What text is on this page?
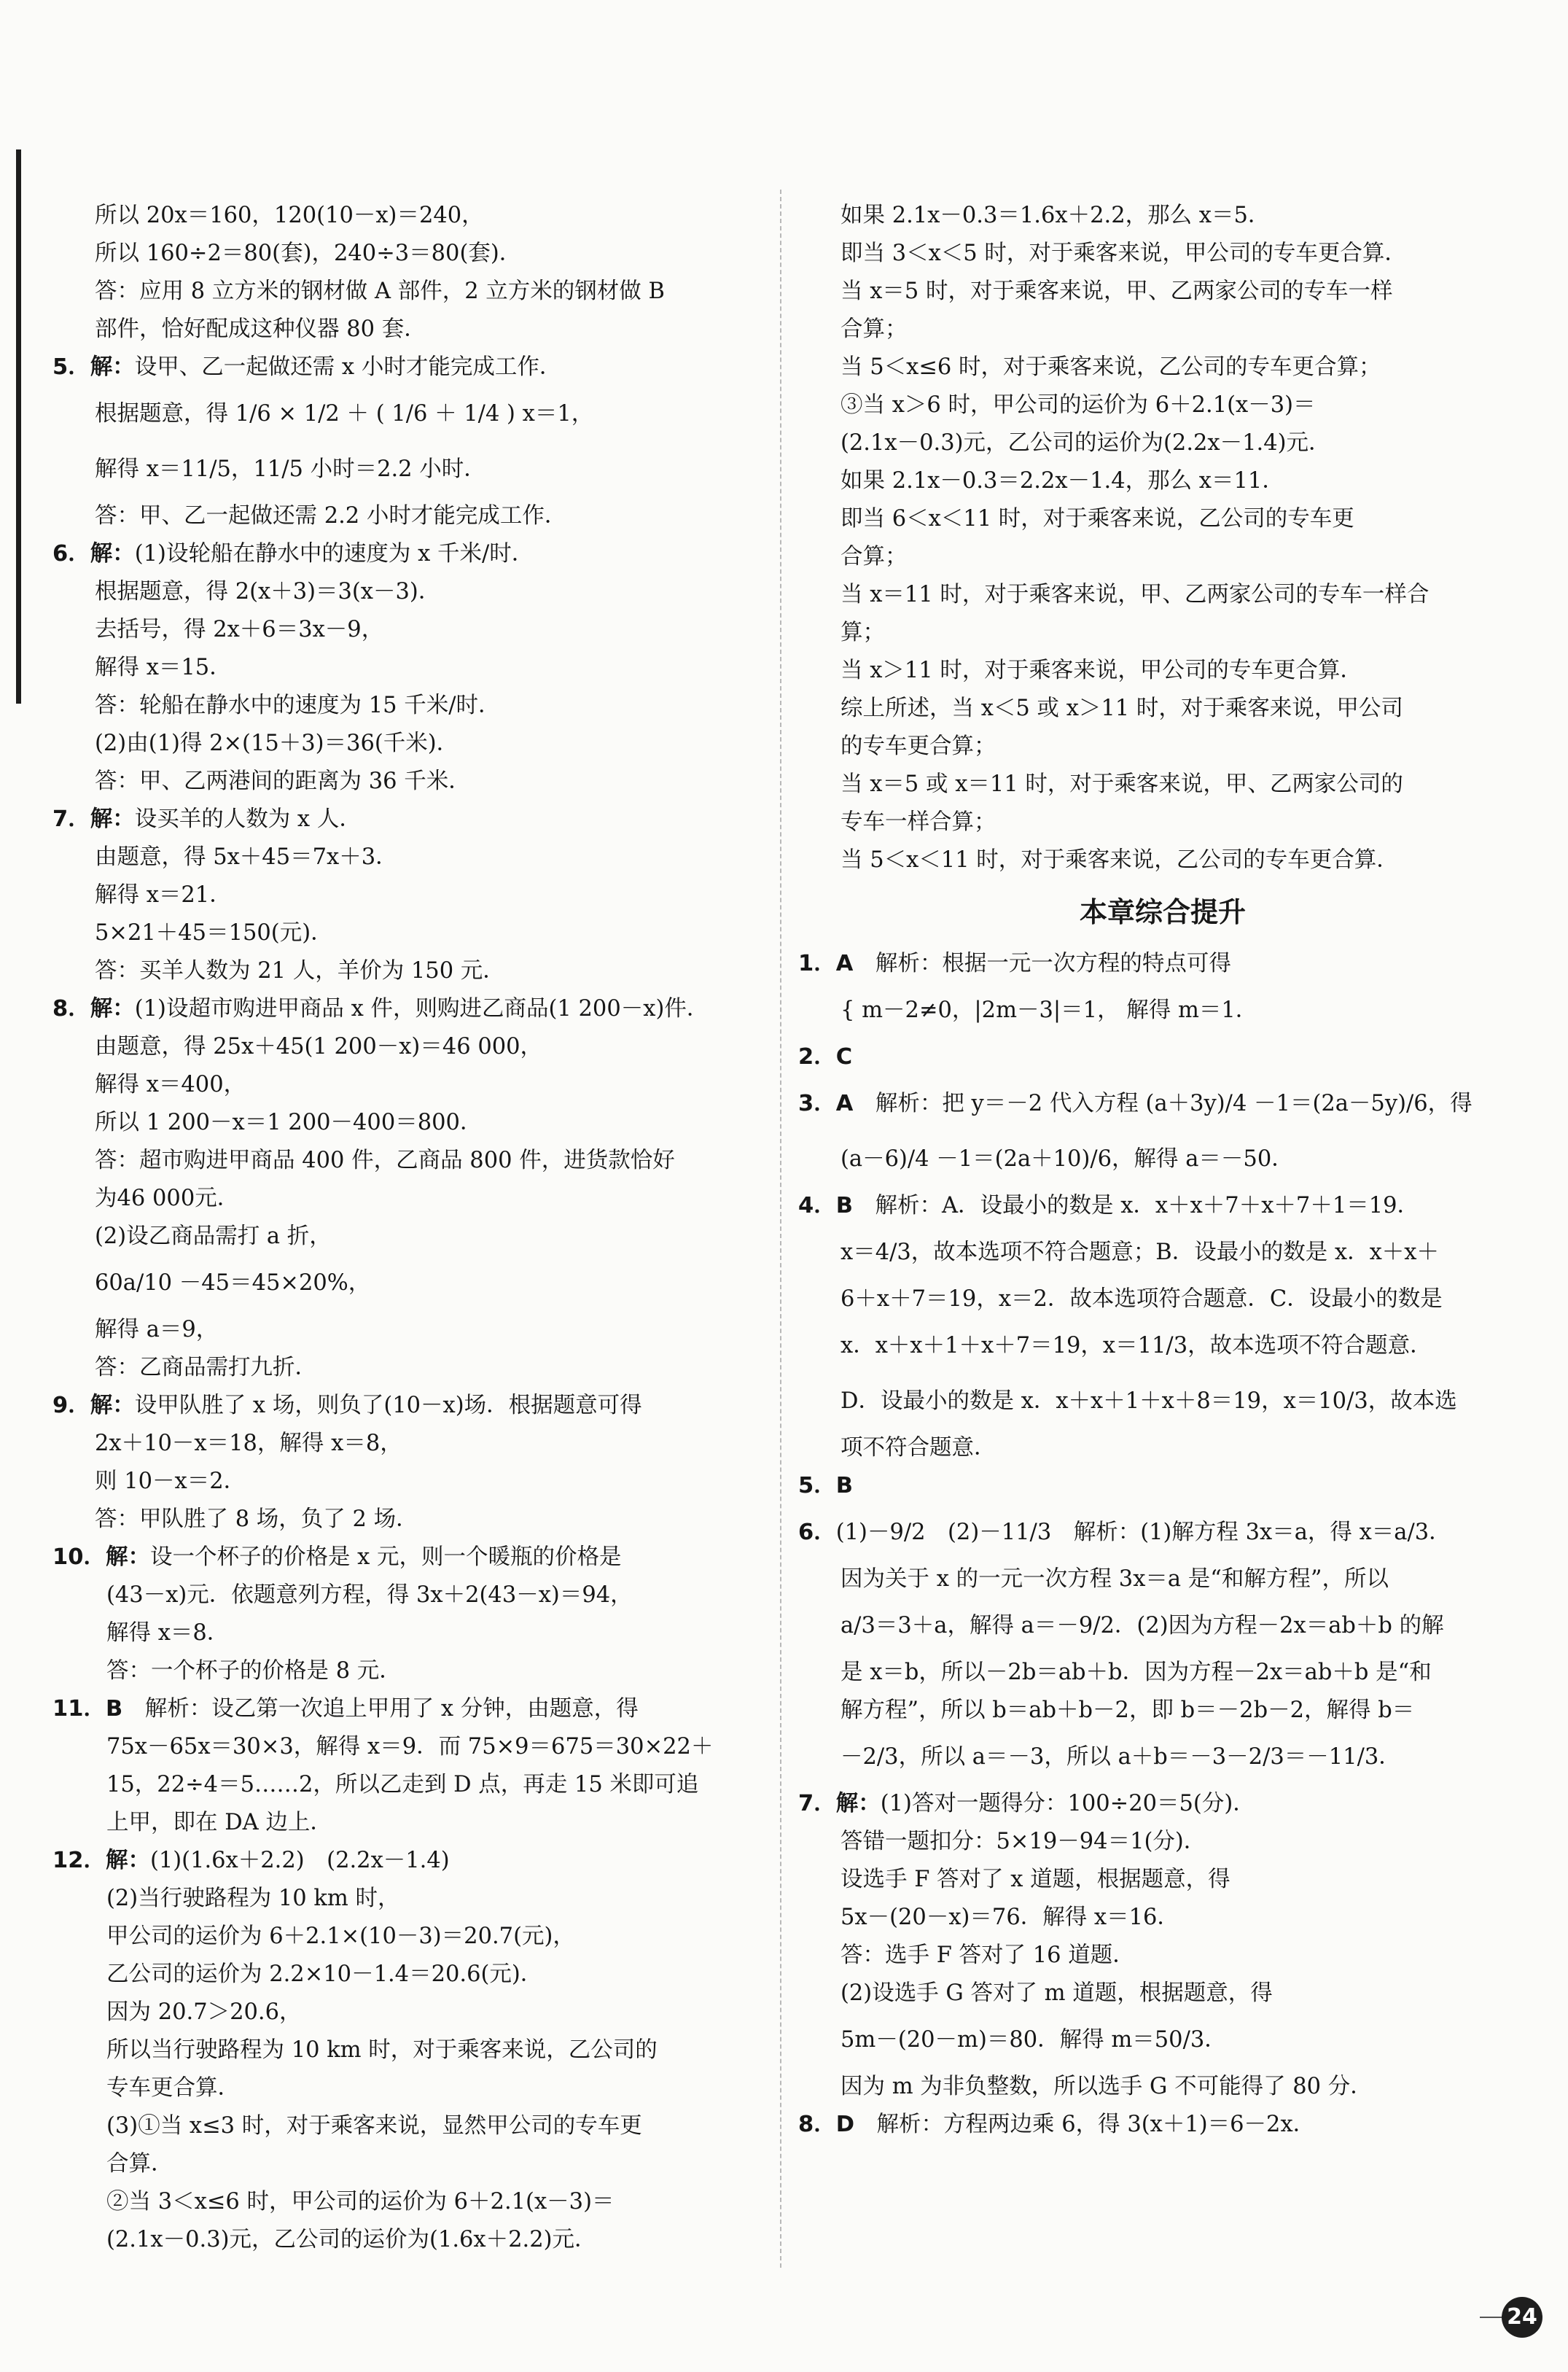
所以 20x＝160，120(10－x)＝240，
所以 160÷2＝80(套)，240÷3＝80(套)．
答：应用 8 立方米的钢材做 A 部件，2 立方米的钢材做 B
部件，恰好配成这种仪器 80 套．
5．解：设甲、乙一起做还需 x 小时才能完成工作．
根据题意，得 1/6 × 1/2 ＋ ( 1/6 ＋ 1/4 ) x＝1，
解得 x＝11/5，11/5 小时＝2.2 小时．
答：甲、乙一起做还需 2.2 小时才能完成工作．
6．解：(1)设轮船在静水中的速度为 x 千米/时．
根据题意，得 2(x＋3)＝3(x－3)．
去括号，得 2x＋6＝3x－9，
解得 x＝15．
答：轮船在静水中的速度为 15 千米/时．
(2)由(1)得 2×(15＋3)＝36(千米)．
答：甲、乙两港间的距离为 36 千米．
7．解：设买羊的人数为 x 人．
由题意，得 5x＋45＝7x＋3．
解得 x＝21．
5×21＋45＝150(元)．
答：买羊人数为 21 人，羊价为 150 元．
8．解：(1)设超市购进甲商品 x 件，则购进乙商品(1 200－x)件．
由题意，得 25x＋45(1 200－x)＝46 000，
解得 x＝400，
所以 1 200－x＝1 200－400＝800．
答：超市购进甲商品 400 件，乙商品 800 件，进货款恰好
为46 000元．
(2)设乙商品需打 a 折，
60a/10 －45＝45×20%，
解得 a＝9，
答：乙商品需打九折．
9．解：设甲队胜了 x 场，则负了(10－x)场．根据题意可得
2x＋10－x＝18，解得 x＝8，
则 10－x＝2．
答：甲队胜了 8 场，负了 2 场．
10．解：设一个杯子的价格是 x 元，则一个暖瓶的价格是
(43－x)元．依题意列方程，得 3x＋2(43－x)＝94，
解得 x＝8．
答：一个杯子的价格是 8 元．
11．B　解析：设乙第一次追上甲用了 x 分钟，由题意，得
75x－65x＝30×3，解得 x＝9．而 75×9＝675＝30×22＋
15，22÷4＝5……2，所以乙走到 D 点，再走 15 米即可追
上甲，即在 DA 边上．
12．解：(1)(1.6x＋2.2)　(2.2x－1.4)
(2)当行驶路程为 10 km 时，
甲公司的运价为 6＋2.1×(10－3)＝20.7(元)，
乙公司的运价为 2.2×10－1.4＝20.6(元)．
因为 20.7＞20.6，
所以当行驶路程为 10 km 时，对于乘客来说，乙公司的
专车更合算．
(3)①当 x≤3 时，对于乘客来说，显然甲公司的专车更
合算．
②当 3＜x≤6 时，甲公司的运价为 6＋2.1(x－3)＝
(2.1x－0.3)元，乙公司的运价为(1.6x＋2.2)元．
如果 2.1x－0.3＝1.6x＋2.2，那么 x＝5．
即当 3＜x＜5 时，对于乘客来说，甲公司的专车更合算．
当 x＝5 时，对于乘客来说，甲、乙两家公司的专车一样
合算；
当 5＜x≤6 时，对于乘客来说，乙公司的专车更合算；
③当 x＞6 时，甲公司的运价为 6＋2.1(x－3)＝
(2.1x－0.3)元，乙公司的运价为(2.2x－1.4)元．
如果 2.1x－0.3＝2.2x－1.4，那么 x＝11．
即当 6＜x＜11 时，对于乘客来说，乙公司的专车更
合算；
当 x＝11 时，对于乘客来说，甲、乙两家公司的专车一样合
算；
当 x＞11 时，对于乘客来说，甲公司的专车更合算．
综上所述，当 x＜5 或 x＞11 时，对于乘客来说，甲公司
的专车更合算；
当 x＝5 或 x＝11 时，对于乘客来说，甲、乙两家公司的
专车一样合算；
当 5＜x＜11 时，对于乘客来说，乙公司的专车更合算．
本章综合提升
1．A　解析：根据一元一次方程的特点可得
{ m－2≠0，|2m－3|＝1， 解得 m＝1．
2．C
3．A　解析：把 y＝－2 代入方程 (a＋3y)/4 －1＝(2a－5y)/6，得
(a－6)/4 －1＝(2a＋10)/6，解得 a＝－50．
4．B　解析：A．设最小的数是 x．x＋x＋7＋x＋7＋1＝19．
x＝4/3，故本选项不符合题意；B．设最小的数是 x．x＋x＋
6＋x＋7＝19，x＝2．故本选项符合题意．C．设最小的数是
x．x＋x＋1＋x＋7＝19，x＝11/3，故本选项不符合题意．
D．设最小的数是 x．x＋x＋1＋x＋8＝19，x＝10/3，故本选
项不符合题意．
5．B
6．(1)－9/2　(2)－11/3　解析：(1)解方程 3x＝a，得 x＝a/3．
因为关于 x 的一元一次方程 3x＝a 是“和解方程”，所以
a/3＝3＋a，解得 a＝－9/2．(2)因为方程－2x＝ab＋b 的解
是 x＝b，所以－2b＝ab＋b．因为方程－2x＝ab＋b 是“和
解方程”，所以 b＝ab＋b－2，即 b＝－2b－2，解得 b＝
－2/3，所以 a＝－3，所以 a＋b＝－3－2/3＝－11/3．
7．解：(1)答对一题得分：100÷20＝5(分)．
答错一题扣分：5×19－94＝1(分)．
设选手 F 答对了 x 道题，根据题意，得
5x－(20－x)＝76．解得 x＝16．
答：选手 F 答对了 16 道题．
(2)设选手 G 答对了 m 道题，根据题意，得
5m－(20－m)＝80．解得 m＝50/3．
因为 m 为非负整数，所以选手 G 不可能得了 80 分．
8．D　解析：方程两边乘 6，得 3(x＋1)＝6－2x．
24
